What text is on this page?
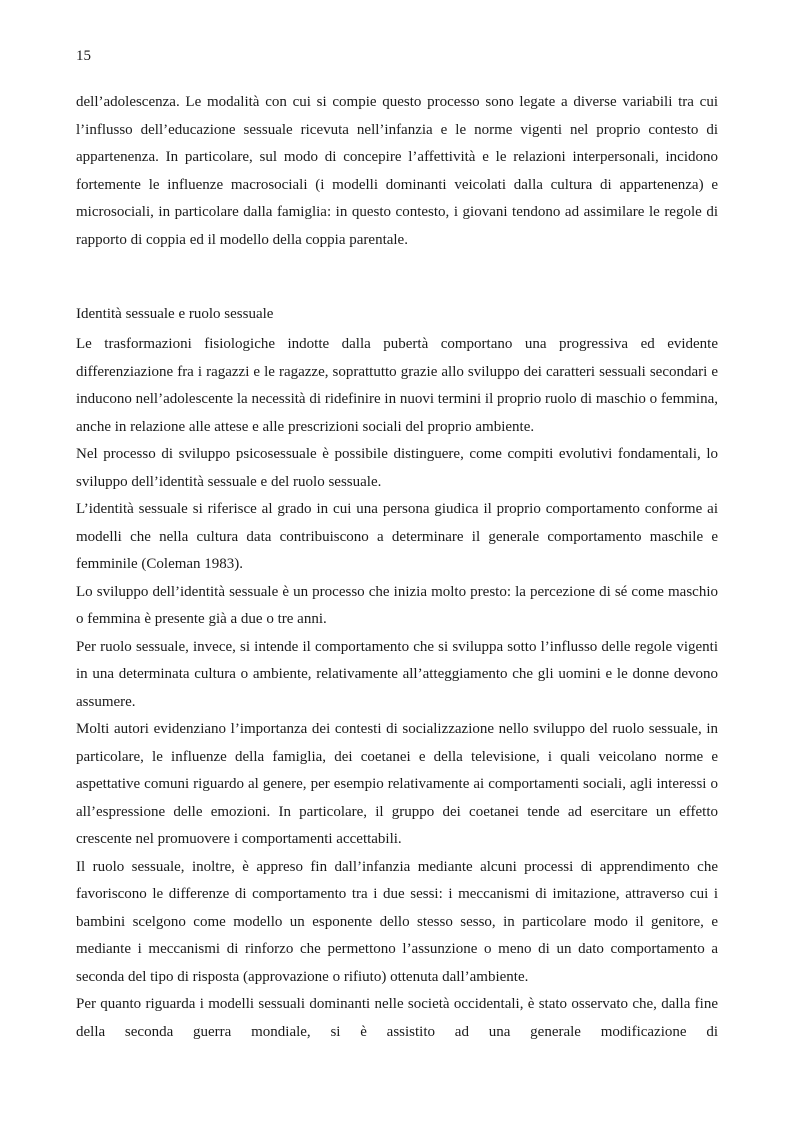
15

dell’adolescenza. Le modalità con cui si compie questo processo sono legate a diverse variabili tra cui l’influsso dell’educazione sessuale ricevuta nell’infanzia e le norme vigenti nel proprio contesto di appartenenza. In particolare, sul modo di concepire l’affettività e le relazioni interpersonali, incidono fortemente le influenze macrosociali (i modelli dominanti veicolati dalla cultura di appartenenza) e microsociali, in particolare dalla famiglia: in questo contesto, i giovani tendono ad assimilare le regole di rapporto di coppia ed il modello della coppia parentale.

Identità sessuale e ruolo sessuale

Le trasformazioni fisiologiche indotte dalla pubertà comportano una progressiva ed evidente differenziazione fra i ragazzi e le ragazze, soprattutto grazie allo sviluppo dei caratteri sessuali secondari e inducono nell’adolescente la necessità di ridefinire in nuovi termini il proprio ruolo di maschio o femmina, anche in relazione alle attese e alle prescrizioni sociali del proprio ambiente.

Nel processo di sviluppo psicosessuale è possibile distinguere, come compiti evolutivi fondamentali, lo sviluppo dell’identità sessuale e del ruolo sessuale.

L’identità sessuale si riferisce al grado in cui una persona giudica il proprio comportamento conforme ai modelli che nella cultura data contribuiscono a determinare il generale comportamento maschile e femminile (Coleman 1983).

Lo sviluppo dell’identità sessuale è un processo che inizia molto presto: la percezione di sé come maschio o femmina è presente già a due o tre anni.

Per ruolo sessuale, invece, si intende il comportamento che si sviluppa sotto l’influsso delle regole vigenti in una determinata cultura o ambiente, relativamente all’atteggiamento che gli uomini e le donne devono assumere.

Molti autori evidenziano l’importanza dei contesti di socializzazione nello sviluppo del ruolo sessuale, in particolare, le influenze della famiglia, dei coetanei e della televisione, i quali veicolano norme e aspettative comuni riguardo al genere, per esempio relativamente ai comportamenti sociali, agli interessi o all’espressione delle emozioni. In particolare, il gruppo dei coetanei tende ad esercitare un effetto crescente nel promuovere i comportamenti accettabili.

Il ruolo sessuale, inoltre, è appreso fin dall’infanzia mediante alcuni processi di apprendimento che favoriscono le differenze di comportamento tra i due sessi: i meccanismi di imitazione, attraverso cui i bambini scelgono come modello un esponente dello stesso sesso, in particolare modo il genitore, e mediante i meccanismi di rinforzo che permettono l’assunzione o meno di un dato comportamento a seconda del tipo di risposta (approvazione o rifiuto) ottenuta dall’ambiente.

Per quanto riguarda i modelli sessuali dominanti nelle società occidentali, è stato osservato che, dalla fine della seconda guerra mondiale, si è assistito ad una generale modificazione di
